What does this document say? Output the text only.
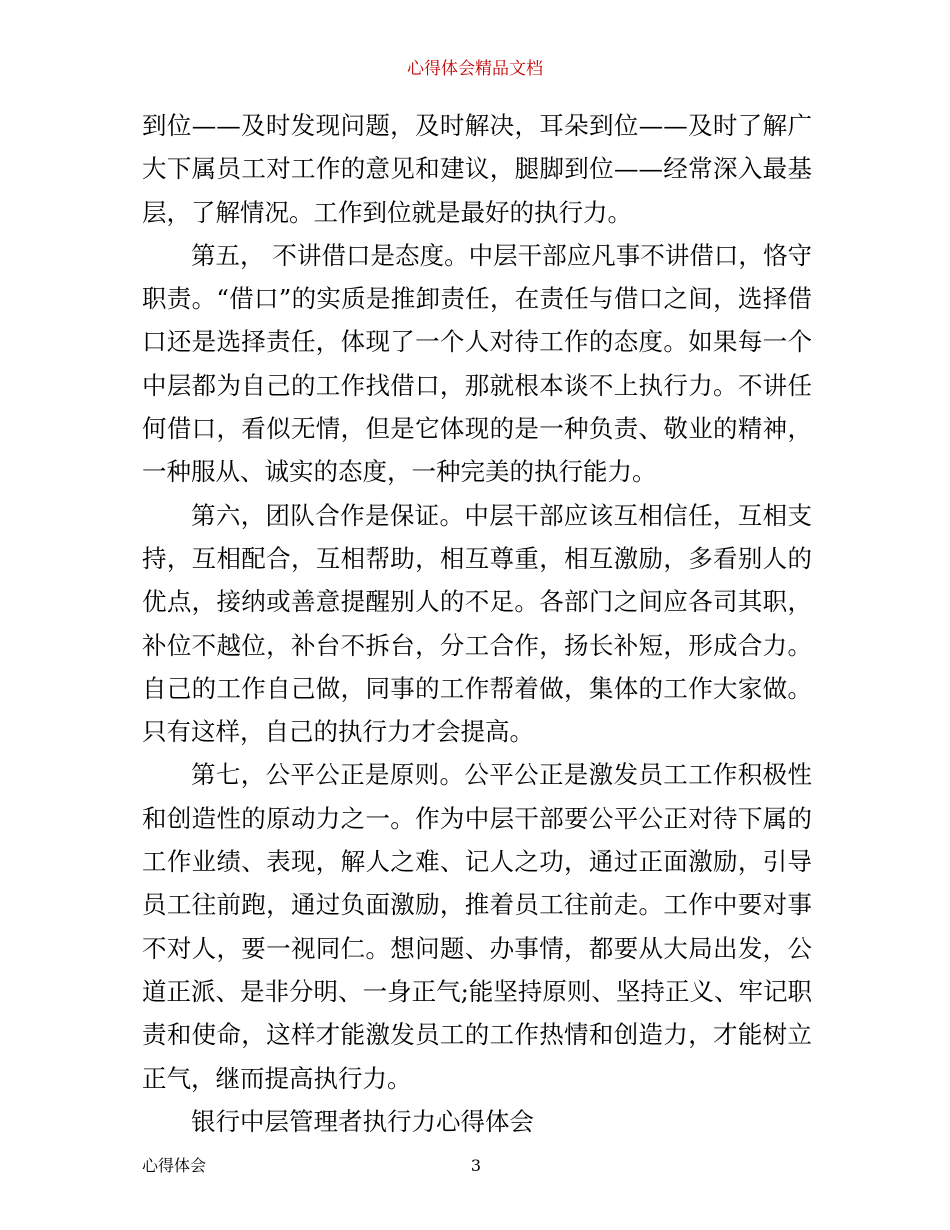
心得体会精品文档

到位——及时发现问题，及时解决，耳朵到位——及时了解广大下属员工对工作的意见和建议，腿脚到位——经常深入最基层，了解情况。工作到位就是最好的执行力。

第五， 不讲借口是态度。中层干部应凡事不讲借口，恪守职责。“借口”的实质是推卸责任，在责任与借口之间，选择借口还是选择责任，体现了一个人对待工作的态度。如果每一个中层都为自己的工作找借口，那就根本谈不上执行力。不讲任何借口，看似无情，但是它体现的是一种负责、敬业的精神，一种服从、诚实的态度，一种完美的执行能力。

第六，团队合作是保证。中层干部应该互相信任，互相支持，互相配合，互相帮助，相互尊重，相互激励，多看别人的优点，接纳或善意提醒别人的不足。各部门之间应各司其职，补位不越位，补台不拆台，分工合作，扬长补短，形成合力。自己的工作自己做，同事的工作帮着做，集体的工作大家做。只有这样，自己的执行力才会提高。

第七，公平公正是原则。公平公正是激发员工工作积极性和创造性的原动力之一。作为中层干部要公平公正对待下属的工作业绩、表现，解人之难、记人之功，通过正面激励，引导员工往前跑，通过负面激励，推着员工往前走。工作中要对事不对人，要一视同仁。想问题、办事情，都要从大局出发，公道正派、是非分明、一身正气;能坚持原则、坚持正义、牢记职责和使命，这样才能激发员工的工作热情和创造力，才能树立正气，继而提高执行力。

银行中层管理者执行力心得体会

心得体会	3
